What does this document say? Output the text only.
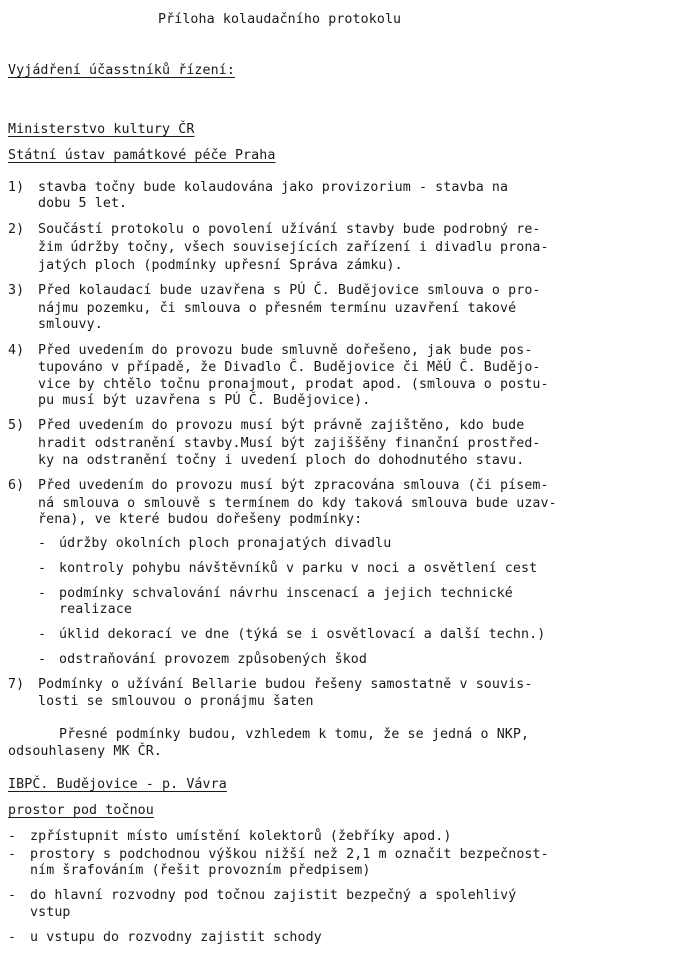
Příloha kolaudačního protokolu
Vyjádření účasstníků řízení:
Ministerstvo kultury ČR
Státní ústav památkové péče Praha
1) stavba točny bude kolaudována jako provizorium - stavba na
dobu 5 let.
2) Součástí protokolu o povolení užívání stavby bude podrobný re-
žim údržby točny, všech souvisejících zařízení i divadlu prona-
jatých ploch (podmínky upřesní Správa zámku).
3) Před kolaudací bude uzavřena s PÚ Č. Budějovice smlouva o pro-
nájmu pozemku, či smlouva o přesném termínu uzavření takové
smlouvy.
4) Před uvedením do provozu bude smluvně dořešeno, jak bude pos-
tupováno v případě, že Divadlo Č. Budějovice či MěÚ Č. Budějo-
vice by chtělo točnu pronajmout, prodat apod. (smlouva o postu-
pu musí být uzavřena s PÚ Č. Budějovice).
5) Před uvedením do provozu musí být právně zajištěno, kdo bude
hradit odstranění stavby.Musí být zajiššěny finanční prostřed-
ky na odstranění točny i uvedení ploch do dohodnutého stavu.
6) Před uvedením do provozu musí být zpracována smlouva (či písem-
ná smlouva o smlouvě s termínem do kdy taková smlouva bude uzav-
řena), ve které budou dořešeny podmínky:
- údržby okolních ploch pronajatých divadlu
- kontroly pohybu návštěvníků v parku v noci a osvětlení cest
- podmínky schvalování návrhu inscenací a jejich technické
realizace
- úklid dekorací ve dne (týká se i osvětlovací a další techn.)
- odstraňování provozem způsobených škod
7) Podmínky o užívání Bellarie budou řešeny samostatně v souvis-
losti se smlouvou o pronájmu šaten
Přesné podmínky budou, vzhledem k tomu, že se jedná o NKP,
odsouhlaseny MK ČR.
IBPČ. Budějovice - p. Vávra
prostor pod točnou
- zpřístupnit místo umístění kolektorů (žebříky apod.)
- prostory s podchodnou výškou nižší než 2,1 m označit bezpečnost-
ním šrafováním (řešit provozním předpisem)
- do hlavní rozvodny pod točnou zajistit bezpečný a spolehlivý
vstup
- u vstupu do rozvodny zajistit schody
